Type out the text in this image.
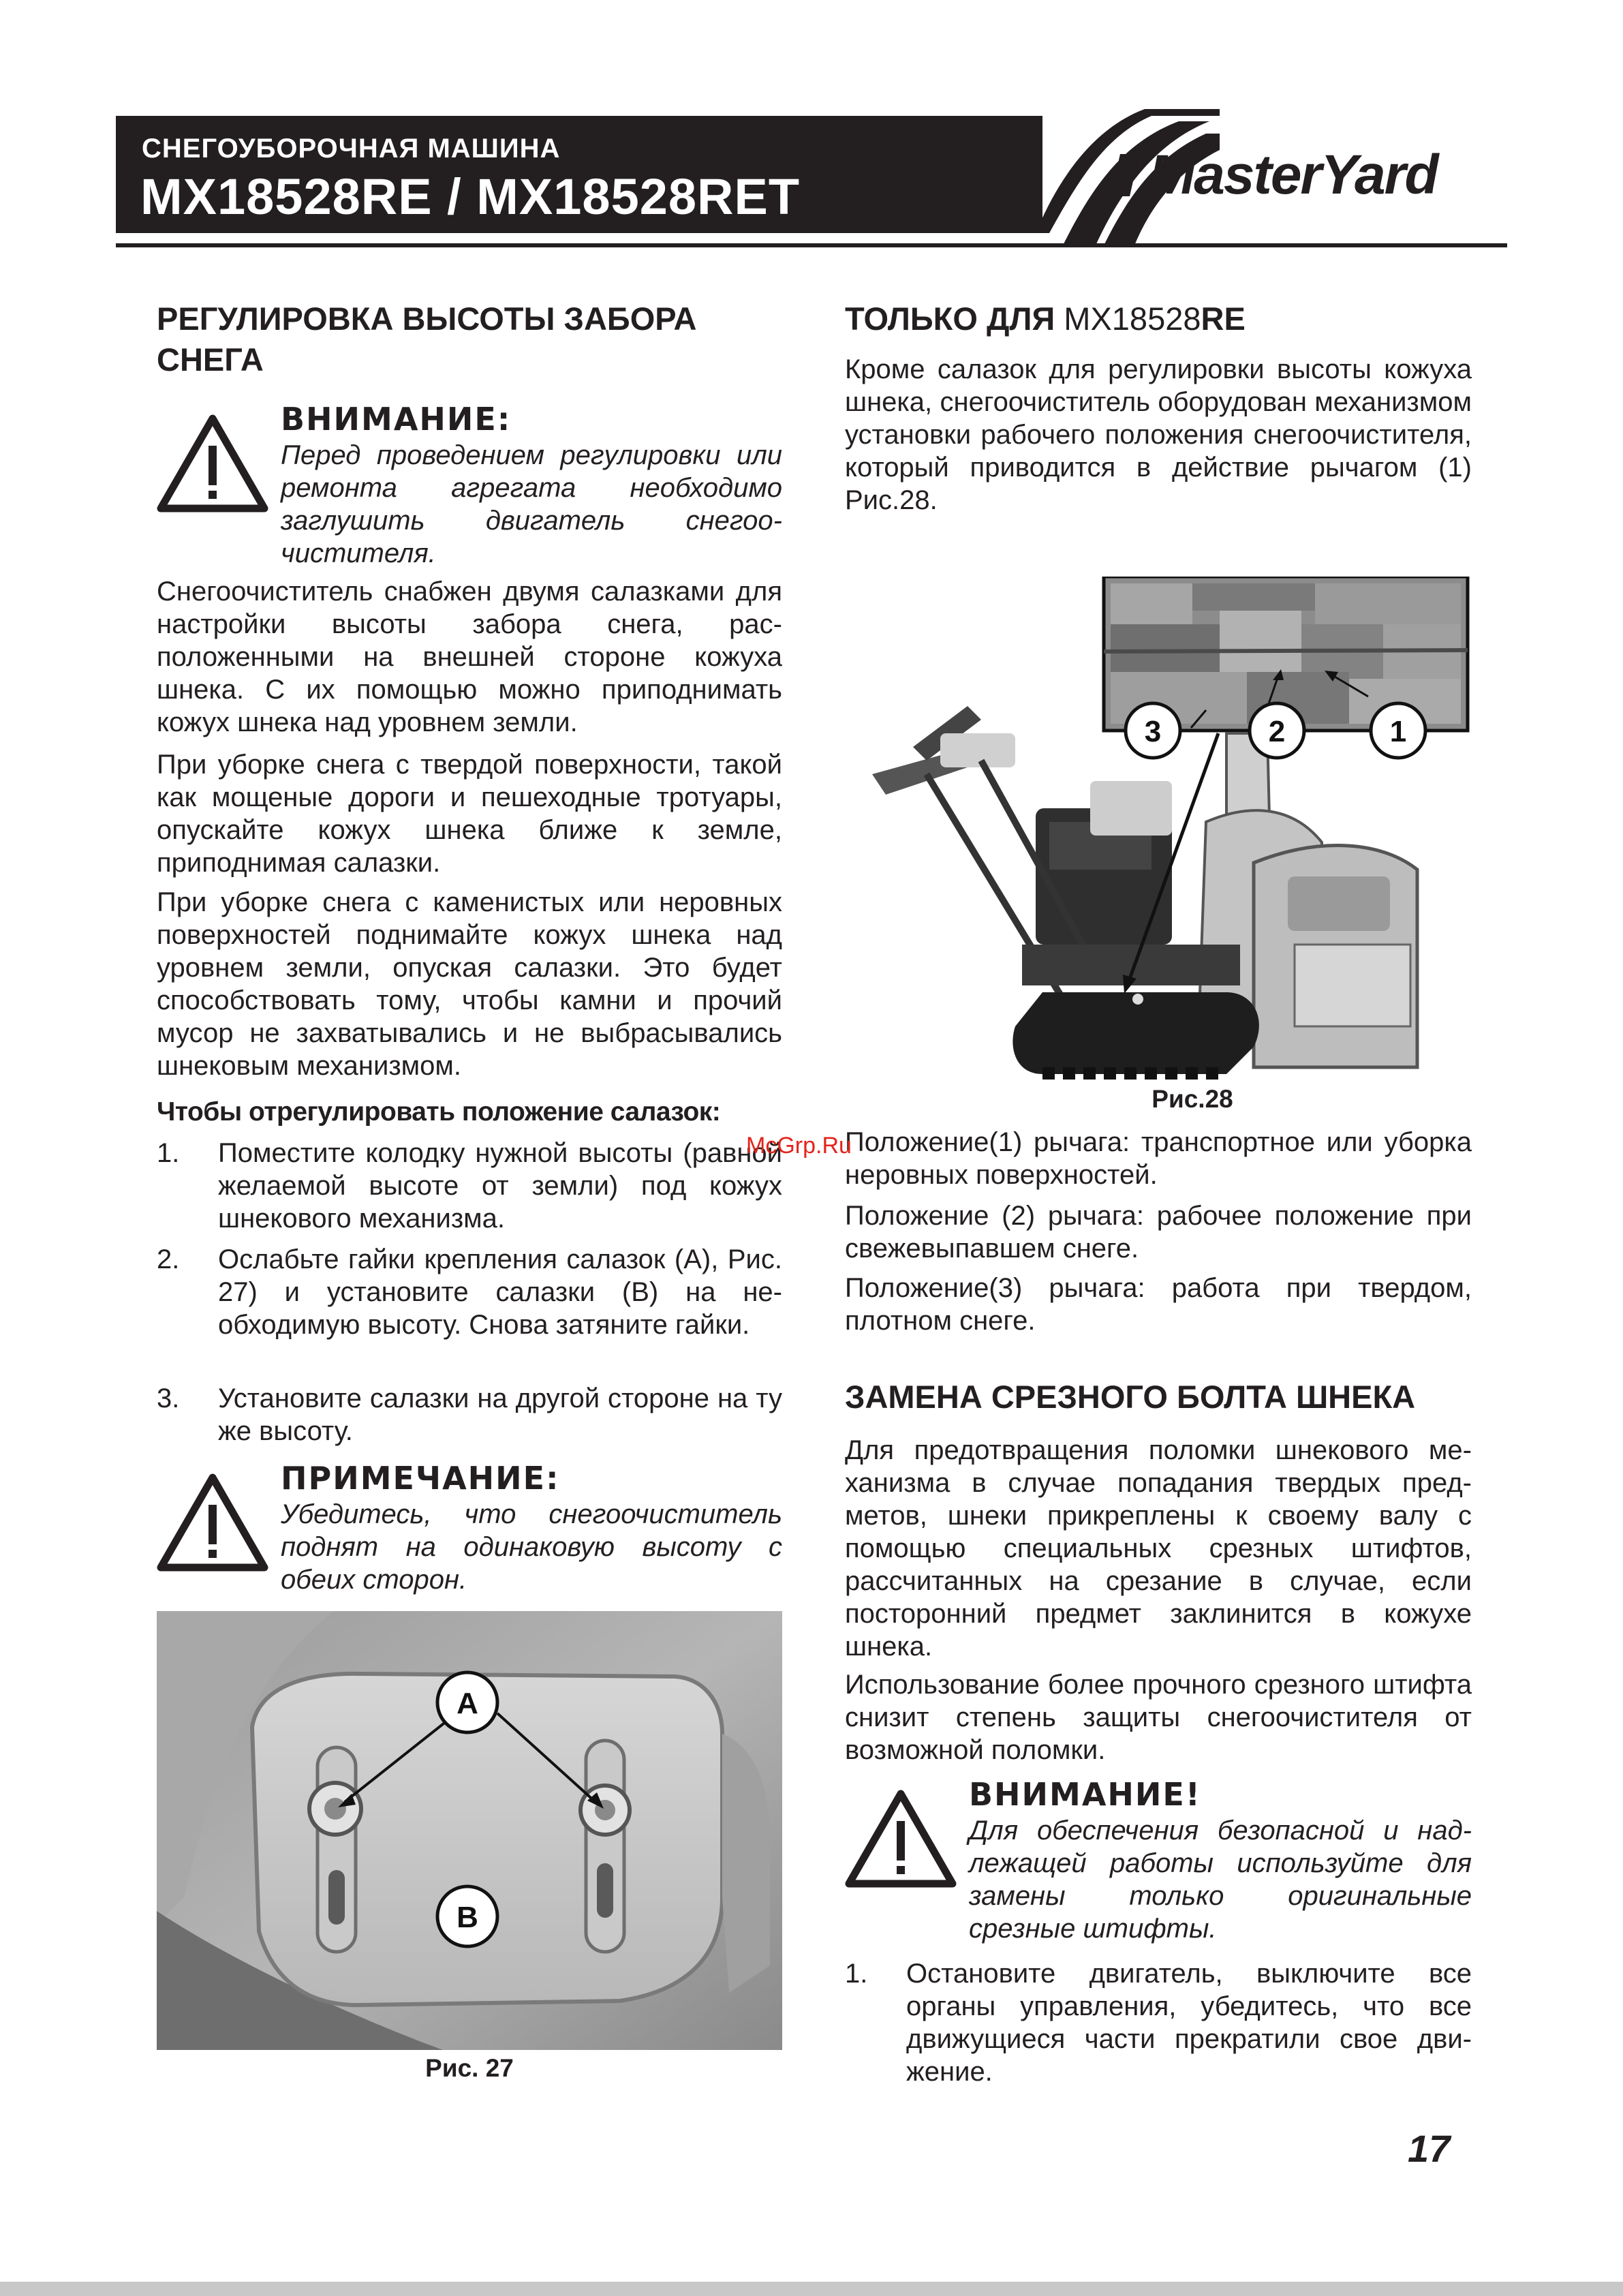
СНЕГОУБОРОЧНАЯ МАШИНА
MX18528RE / MX18528RET	MasterYard
РЕГУЛИРОВКА ВЫСОТЫ ЗАБОРА
СНЕГА
ВНИМАНИЕ:
Перед проведением регулировки или ремонта агрегата необходимо заглушить двигатель снегоочистителя.

Снегоочиститель снабжен двумя салазками для настройки высоты забора снега, расположенными на внешней стороне кожуха шнека. С их помощью можно приподнимать кожух шнека над уровнем земли.

При уборке снега с твердой поверхности, такой как мощеные дороги и пешеходные тротуары, опускайте кожух шнека ближе к земле, приподнимая салазки.

При уборке снега с каменистых или неровных поверхностей поднимайте кожух шнека над уровнем земли, опуская салазки. Это будет способствовать тому, чтобы камни и прочий мусор не захватывались и не выбрасывались шнековым механизмом.

Чтобы отрегулировать положение салазок:
1. Поместите колодку нужной высоты (равной желаемой высоте от земли) под кожух шнекового механизма.
2. Ослабьте гайки крепления салазок (A), Рис. 27) и установите салазки (B) на необходимую высоту. Снова затяните гайки.
3. Установите салазки на другой стороне на ту же высоту.
ПРИМЕЧАНИЕ:
Убедитесь, что снегоочиститель поднят на одинаковую высоту с обеих сторон.
A
B
Рис. 27
ТОЛЬКО ДЛЯ MX18528RE

Кроме салазок для регулировки высоты кожуха шнека, снегоочиститель оборудован механизмом установки рабочего положения снегоочистителя, который приводится в действие рычагом (1) Рис.28.

3	2	1
Рис.28

Положение(1) рычага: транспортное или уборка неровных поверхностей.

Положение (2) рычага: рабочее положение при свежевыпавшем снеге.

Положение(3) рычага: работа при твердом, плотном снеге.

ЗАМЕНА СРЕЗНОГО БОЛТА ШНЕКА

Для предотвращения поломки шнекового механизма в случае попадания твердых предметов, шнеки прикреплены к своему валу с помощью специальных срезных штифтов, рассчитанных на срезание в случае, если посторонний предмет заклинится в кожухе шнека.

Использование более прочного срезного штифта снизит степень защиты снегоочистителя от возможной поломки.

ВНИМАНИЕ!
Для обеспечения безопасной и надлежащей работы используйте для замены только оригинальные срезные штифты.
1. Остановите двигатель, выключите все органы управления, убедитесь, что все движущиеся части прекратили свое движение.
McGrp.Ru
17
